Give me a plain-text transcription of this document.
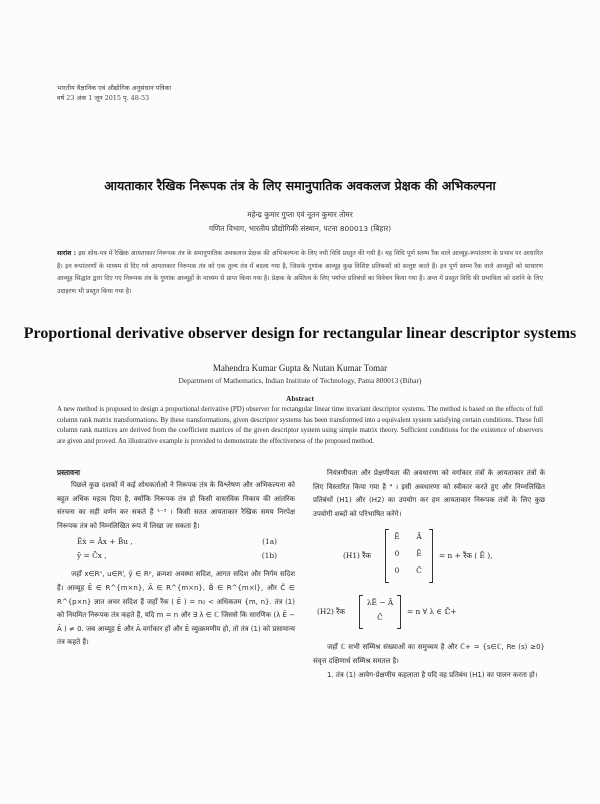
भारतीय वैज्ञानिक एवं औद्योगिक अनुसंधान पत्रिका
वर्ष 23 अंक 1 जून 2015 पृ. 48-53
आयताकार रैखिक निरूपक तंत्र के लिए समानुपातिक अवकलज प्रेक्षक की अभिकल्पना
महेन्द्र कुमार गुप्ता एवं नूतन कुमार तोमर
गणित विभाग, भारतीय प्रौद्योगिकी संस्थान, पटना 800013 (बिहार)
सारांश : इस शोध-पत्र में रैखिक आयताकार निरूपक तंत्र के समानुपातिक अवकलज प्रेक्षक की अभिकल्पना के लिए नयी विधि प्रस्तुत की गयी है। यह विधि पूर्ण स्तम्भ रैंक वाले आव्यूह-रूपांतरण के प्रभाव पर आधारित है। इन रूपांतरणों के माध्यम से दिए गये आयताकार निरूपक तंत्र को एक तुल्य तंत्र में बदला गया है, जिसके गुणांक आव्यूह कुछ विशिष्ट प्रतिबन्धों को सन्तुष्ट करते हैं। इन पूर्ण स्तम्भ रैंक वाले आव्यूहों को साधारण आव्यूह सिद्धांत द्वारा दिए गए निरूपक तंत्र के गुणांक आव्यूहों के माध्यम से प्राप्त किया गया है। प्रेक्षक के अस्तित्व के लिए पर्याप्त प्रतिबंधों का विवेचन किया गया है। अन्त में प्रस्तुत विधि की प्रभाविता को दर्शाने के लिए उदाहरण भी प्रस्तुत किया गया है।
Proportional derivative observer design for rectangular linear descriptor systems
Mahendra Kumar Gupta & Nutan Kumar Tomar
Department of Mathematics, Indian Institute of Technology, Patna 800013 (Bihar)
Abstract
A new method is proposed to design a proportional derivative (PD) observer for rectangular linear time invariant descriptor systems. The method is based on the effects of full column rank matrix transformations. By these transformations, given descriptor systems has been transformed into a equivalent system satisfying certain conditions. These full column rank matrices are derived from the coefficient matrices of the given descriptor system using simple matrix theory. Sufficient conditions for the existence of observers are given and proved. An illustrative example is provided to demonstrate the effectiveness of the proposed method.
प्रस्तावना

पिछले कुछ दशकों में कई शोधकर्ताओं ने निरूपक तंत्र के विश्लेषण और अभिकल्पना को बहुत अधिक महत्व दिया है, क्योंकि निरूपक तंत्र हो किसी वास्तविक निकाय की आंतरिक संरचना का सही वर्णन कर सकते हैं ¹⁻³ । किसी सतत आयताकार रैखिक समय निरपेक्ष निरूपक तंत्र को निम्नलिखित रूप में लिखा जा सकता है।

Ẽẋ = Ãx + B̃u ,	(1a)
ỹ = C̃x ,	(1b)

जहाँ x∈Rⁿ, u∈Rˡ, ỹ ∈ Rᵖ, क्रमशः अवस्था सदिश, आगत सदिश और निर्गम सदिश हैं। आव्यूह Ẽ ∈ R^{m×n}, Ã ∈ R^{m×n}, B̃ ∈ R^{m×l}, और C̃ ∈ R^{p×n} ज्ञात अचर सदिश हैं जहाँ रैंक ( Ẽ ) = n₀ < अधिकतम {m, n}. तंत्र (1) को नियमित निरूपक तंत्र कहते हैं, यदि m = n और ∃ λ ∈ ℂ जिससे कि सारणिक (λ Ẽ − Ã ) ≠ 0. जब आव्यूह Ẽ और Ã वर्गाकार हों और Ẽ व्युत्क्रमणीय हो, तो तंत्र (1) को प्रसामान्य तंत्र कहते हैं।

नियंत्रणीयता और प्रेक्षणीयता की अवधारणा को वर्गाकार तंत्रों के आयताकार तंत्रों के लिए विस्तारित किया गया है ⁴ । इसी अवधारणा को स्वीकार करते हुए और निम्नलिखित प्रतिबंधों (H1) और (H2) का उपयोग कर हम आयताकार निरूपक तंत्रों के लिए कुछ उपयोगी शब्दों को परिभाषित करेंगे।

(H1) रैंक
Ẽ	Ã
0	Ẽ
0	C̃
= n + रैंक ( Ẽ ),
(H2) रैंक
λẼ − Ã
C̃
= n ∀ λ ∈ ℂ̄+

जहाँ ℂ सभी सम्मिश्र संख्याओं का समुच्चय है और ℂ̄+ = {s∈ℂ, Re (s) ≥0} संवृत्त दक्षिणार्ध सम्मिश्र समतल है।

1. तंत्र (1) आवेग-प्रेक्षणीय कहलाता है यदि वह प्रतिबंध (H1) का पालन करता हो।
